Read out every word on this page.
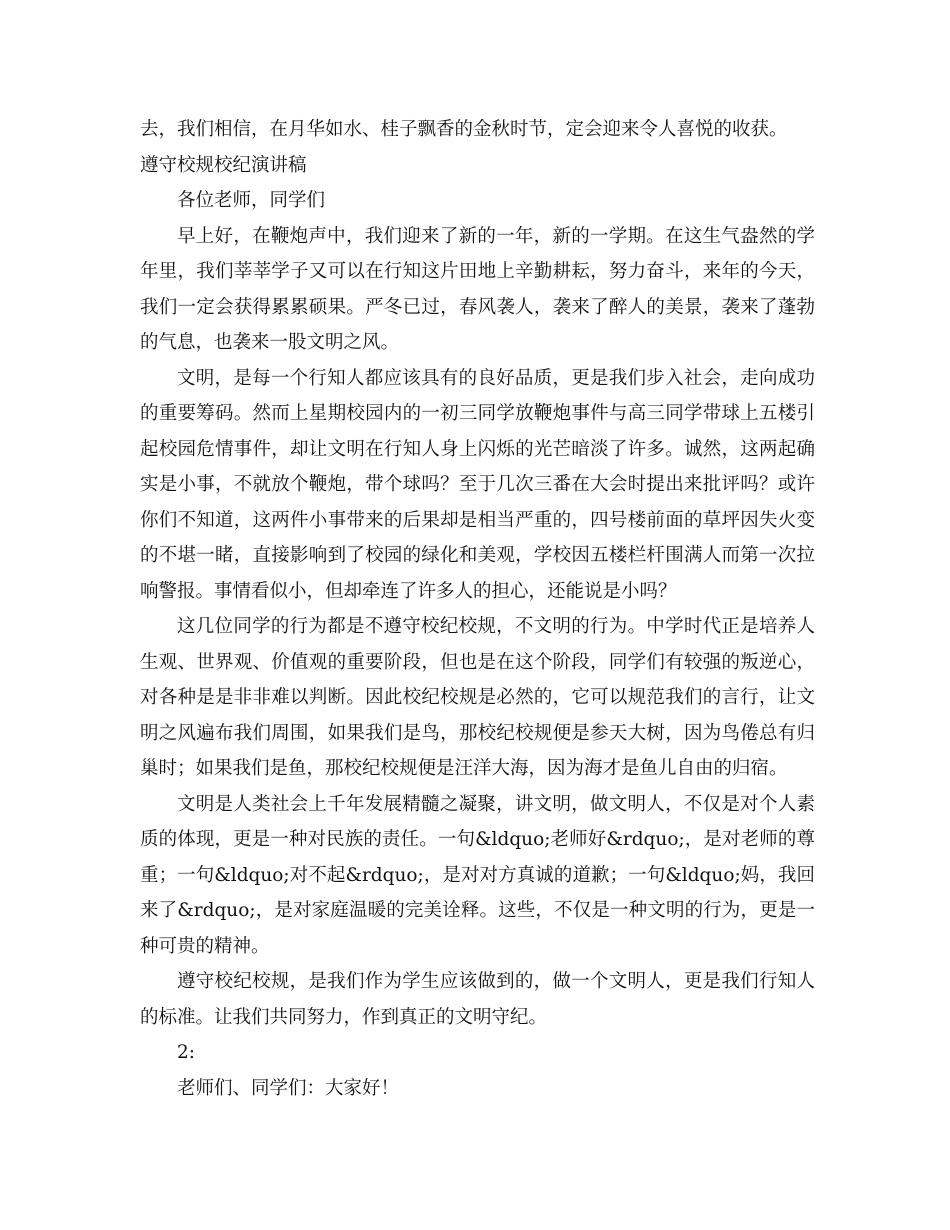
去，我们相信，在月华如水、桂子飘香的金秋时节，定会迎来令人喜悦的收获。

遵守校规校纪演讲稿

各位老师，同学们

早上好，在鞭炮声中，我们迎来了新的一年，新的一学期。在这生气盎然的学年里，我们莘莘学子又可以在行知这片田地上辛勤耕耘，努力奋斗，来年的今天，我们一定会获得累累硕果。严冬已过，春风袭人，袭来了醉人的美景，袭来了蓬勃的气息，也袭来一股文明之风。

文明，是每一个行知人都应该具有的良好品质，更是我们步入社会，走向成功的重要筹码。然而上星期校园内的一初三同学放鞭炮事件与高三同学带球上五楼引起校园危情事件，却让文明在行知人身上闪烁的光芒暗淡了许多。诚然，这两起确实是小事，不就放个鞭炮，带个球吗？至于几次三番在大会时提出来批评吗？或许你们不知道，这两件小事带来的后果却是相当严重的，四号楼前面的草坪因失火变的不堪一睹，直接影响到了校园的绿化和美观，学校因五楼栏杆围满人而第一次拉响警报。事情看似小，但却牵连了许多人的担心，还能说是小吗？

这几位同学的行为都是不遵守校纪校规，不文明的行为。中学时代正是培养人生观、世界观、价值观的重要阶段，但也是在这个阶段，同学们有较强的叛逆心，对各种是是非非难以判断。因此校纪校规是必然的，它可以规范我们的言行，让文明之风遍布我们周围，如果我们是鸟，那校纪校规便是参天大树，因为鸟倦总有归巢时；如果我们是鱼，那校纪校规便是汪洋大海，因为海才是鱼儿自由的归宿。

文明是人类社会上千年发展精髓之凝聚，讲文明，做文明人，不仅是对个人素质的体现，更是一种对民族的责任。一句&ldquo;老师好&rdquo;，是对老师的尊重；一句&ldquo;对不起&rdquo;，是对对方真诚的道歉；一句&ldquo;妈，我回来了&rdquo;，是对家庭温暖的完美诠释。这些，不仅是一种文明的行为，更是一种可贵的精神。

遵守校纪校规，是我们作为学生应该做到的，做一个文明人，更是我们行知人的标准。让我们共同努力，作到真正的文明守纪。

2:

老师们、同学们：大家好！
